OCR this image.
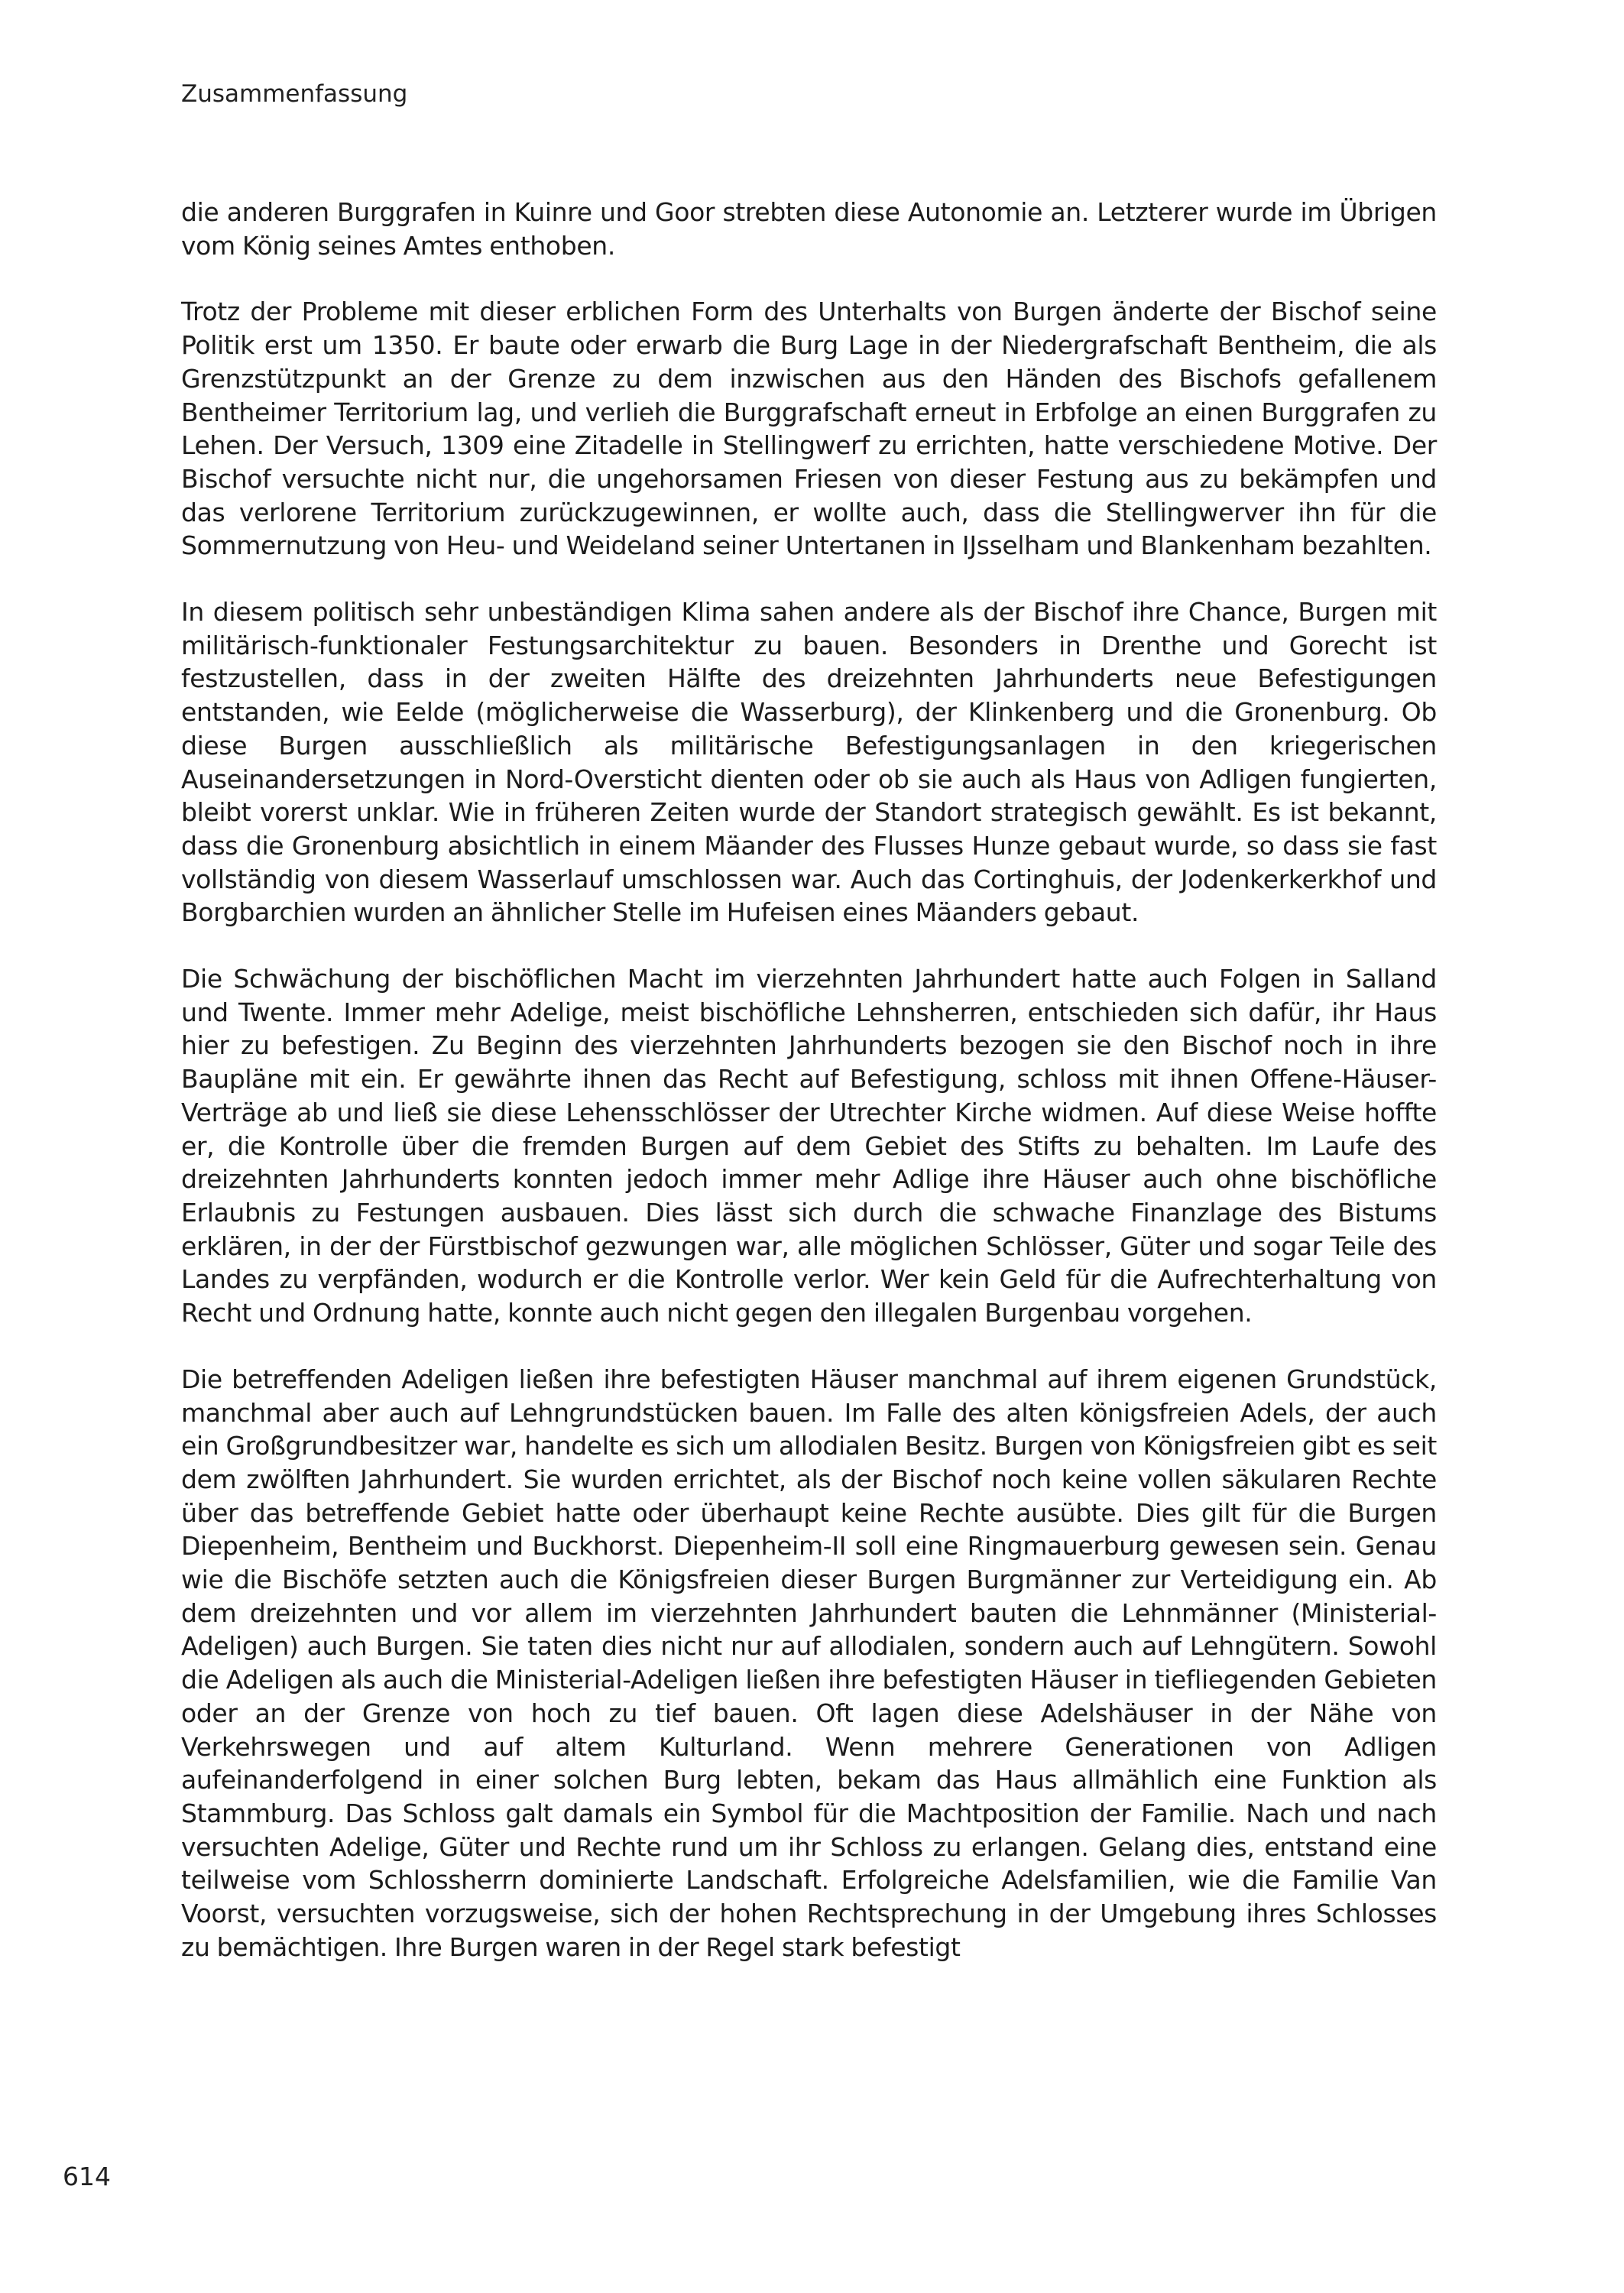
Zusammenfassung

die anderen Burggrafen in Kuinre und Goor strebten diese Autonomie an. Letzterer wurde im Übrigen vom König seines Amtes enthoben.

Trotz der Probleme mit dieser erblichen Form des Unterhalts von Burgen änderte der Bischof seine Politik erst um 1350. Er baute oder erwarb die Burg Lage in der Niedergrafschaft Bentheim, die als Grenzstützpunkt an der Grenze zu dem inzwischen aus den Händen des Bischofs gefallenem Bentheimer Territorium lag, und verlieh die Burggrafschaft erneut in Erbfolge an einen Burggrafen zu Lehen. Der Versuch, 1309 eine Zitadelle in Stellingwerf zu errichten, hatte verschiedene Motive. Der Bischof versuchte nicht nur, die ungehorsamen Friesen von dieser Festung aus zu bekämpfen und das verlorene Territorium zurückzugewinnen, er wollte auch, dass die Stellingwerver ihn für die Sommernutzung von Heu- und Weideland seiner Untertanen in IJsselham und Blankenham bezahlten.

In diesem politisch sehr unbeständigen Klima sahen andere als der Bischof ihre Chance, Burgen mit militärisch-funktionaler Festungsarchitektur zu bauen. Besonders in Drenthe und Gorecht ist festzustellen, dass in der zweiten Hälfte des dreizehnten Jahrhunderts neue Befestigungen entstanden, wie Eelde (möglicherweise die Wasserburg), der Klinkenberg und die Gronenburg. Ob diese Burgen ausschließlich als militärische Befestigungsanlagen in den kriegerischen Auseinandersetzungen in Nord-Oversticht dienten oder ob sie auch als Haus von Adligen fungierten, bleibt vorerst unklar. Wie in früheren Zeiten wurde der Standort strategisch gewählt. Es ist bekannt, dass die Gronenburg absichtlich in einem Mäander des Flusses Hunze gebaut wurde, so dass sie fast vollständig von diesem Wasserlauf umschlossen war. Auch das Cortinghuis, der Jodenkerkerkhof und Borgbarchien wurden an ähnlicher Stelle im Hufeisen eines Mäanders gebaut.

Die Schwächung der bischöflichen Macht im vierzehnten Jahrhundert hatte auch Folgen in Salland und Twente. Immer mehr Adelige, meist bischöfliche Lehnsherren, entschieden sich dafür, ihr Haus hier zu befestigen. Zu Beginn des vierzehnten Jahrhunderts bezogen sie den Bischof noch in ihre Baupläne mit ein. Er gewährte ihnen das Recht auf Befestigung, schloss mit ihnen Offene-Häuser-Verträge ab und ließ sie diese Lehensschlösser der Utrechter Kirche widmen. Auf diese Weise hoffte er, die Kontrolle über die fremden Burgen auf dem Gebiet des Stifts zu behalten. Im Laufe des dreizehnten Jahrhunderts konnten jedoch immer mehr Adlige ihre Häuser auch ohne bischöfliche Erlaubnis zu Festungen ausbauen. Dies lässt sich durch die schwache Finanzlage des Bistums erklären, in der der Fürstbischof gezwungen war, alle möglichen Schlösser, Güter und sogar Teile des Landes zu verpfänden, wodurch er die Kontrolle verlor. Wer kein Geld für die Aufrechterhaltung von Recht und Ordnung hatte, konnte auch nicht gegen den illegalen Burgenbau vorgehen.

Die betreffenden Adeligen ließen ihre befestigten Häuser manchmal auf ihrem eigenen Grundstück, manchmal aber auch auf Lehngrundstücken bauen. Im Falle des alten königsfreien Adels, der auch ein Großgrundbesitzer war, handelte es sich um allodialen Besitz. Burgen von Königsfreien gibt es seit dem zwölften Jahrhundert. Sie wurden errichtet, als der Bischof noch keine vollen säkularen Rechte über das betreffende Gebiet hatte oder überhaupt keine Rechte ausübte. Dies gilt für die Burgen Diepenheim, Bentheim und Buckhorst. Diepenheim-II soll eine Ringmauerburg gewesen sein. Genau wie die Bischöfe setzten auch die Königsfreien dieser Burgen Burgmänner zur Verteidigung ein. Ab dem dreizehnten und vor allem im vierzehnten Jahrhundert bauten die Lehnmänner (Ministerial-Adeligen) auch Burgen. Sie taten dies nicht nur auf allodialen, sondern auch auf Lehngütern. Sowohl die Adeligen als auch die Ministerial-Adeligen ließen ihre befestigten Häuser in tiefliegenden Gebieten oder an der Grenze von hoch zu tief bauen. Oft lagen diese Adelshäuser in der Nähe von Verkehrswegen und auf altem Kulturland. Wenn mehrere Generationen von Adligen aufeinanderfolgend in einer solchen Burg lebten, bekam das Haus allmählich eine Funktion als Stammburg. Das Schloss galt damals ein Symbol für die Machtposition der Familie. Nach und nach versuchten Adelige, Güter und Rechte rund um ihr Schloss zu erlangen. Gelang dies, entstand eine teilweise vom Schlossherrn dominierte Landschaft. Erfolgreiche Adelsfamilien, wie die Familie Van Voorst, versuchten vorzugsweise, sich der hohen Rechtsprechung in der Umgebung ihres Schlosses zu bemächtigen. Ihre Burgen waren in der Regel stark befestigt

614
